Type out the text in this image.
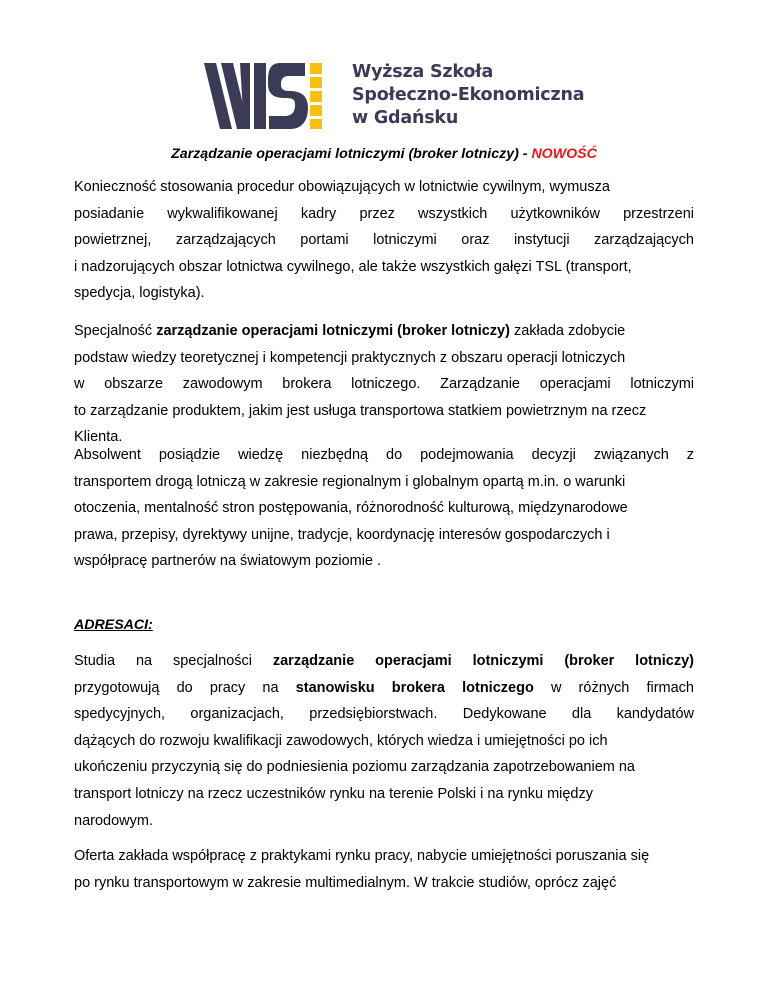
Wyższa Szkoła
Społeczno-Ekonomiczna
w Gdańsku
Zarządzanie operacjami lotniczymi (broker lotniczy) - NOWOŚĆ
Konieczność stosowania procedur obowiązujących w lotnictwie cywilnym, wymusza
posiadanie wykwalifikowanej kadry przez wszystkich użytkowników przestrzeni
powietrznej, zarządzających portami lotniczymi oraz instytucji zarządzających
i nadzorujących obszar lotnictwa cywilnego, ale także wszystkich gałęzi TSL (transport,
spedycja, logistyka).
Specjalność zarządzanie operacjami lotniczymi (broker lotniczy) zakłada zdobycie
podstaw wiedzy teoretycznej i kompetencji praktycznych z obszaru operacji lotniczych
w obszarze zawodowym brokera lotniczego. Zarządzanie operacjami lotniczymi
to zarządzanie produktem, jakim jest usługa transportowa statkiem powietrznym na rzecz
Klienta.
Absolwent posiądzie wiedzę niezbędną do podejmowania decyzji związanych z
transportem drogą lotniczą w zakresie regionalnym i globalnym opartą m.in. o warunki
otoczenia, mentalność stron postępowania, różnorodność kulturową, międzynarodowe
prawa, przepisy, dyrektywy unijne, tradycje, koordynację interesów gospodarczych i
współpracę partnerów na światowym poziomie .
ADRESACI:
Studia na specjalności zarządzanie operacjami lotniczymi (broker lotniczy)
przygotowują do pracy na stanowisku brokera lotniczego w różnych firmach
spedycyjnych, organizacjach, przedsiębiorstwach. Dedykowane dla kandydatów
dążących do rozwoju kwalifikacji zawodowych, których wiedza i umiejętności po ich
ukończeniu przyczynią się do podniesienia poziomu zarządzania zapotrzebowaniem na
transport lotniczy na rzecz uczestników rynku na terenie Polski i na rynku między
narodowym.
Oferta zakłada współpracę z praktykami rynku pracy, nabycie umiejętności poruszania się
po rynku transportowym w zakresie multimedialnym. W trakcie studiów, oprócz zajęć
